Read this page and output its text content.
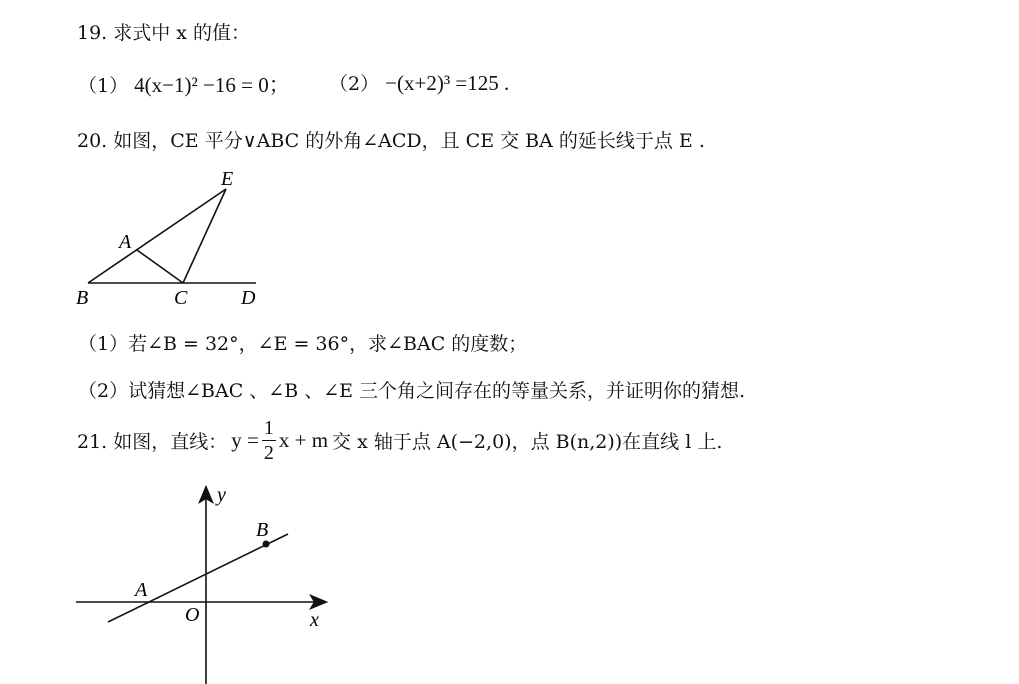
19. 求式中 x 的值：
（1） 4(x−1)² −16 = 0； （2） −(x+2)³ =125 .
20. 如图，CE 平分∨ABC 的外角∠ACD，且 CE 交 BA 的延长线于点 E .
E
A
B	C	D
（1）若∠B = 32°，∠E = 36°，求∠BAC 的度数；
（2）试猜想∠BAC 、∠B 、∠E 三个角之间存在的等量关系，并证明你的猜想.
21. 如图，直线： $y = \frac{1}{2}$ x + m 交 x 轴于点 A(−2,0)，点 B(n,2))在直线 l 上.
y
x
O
A
B
